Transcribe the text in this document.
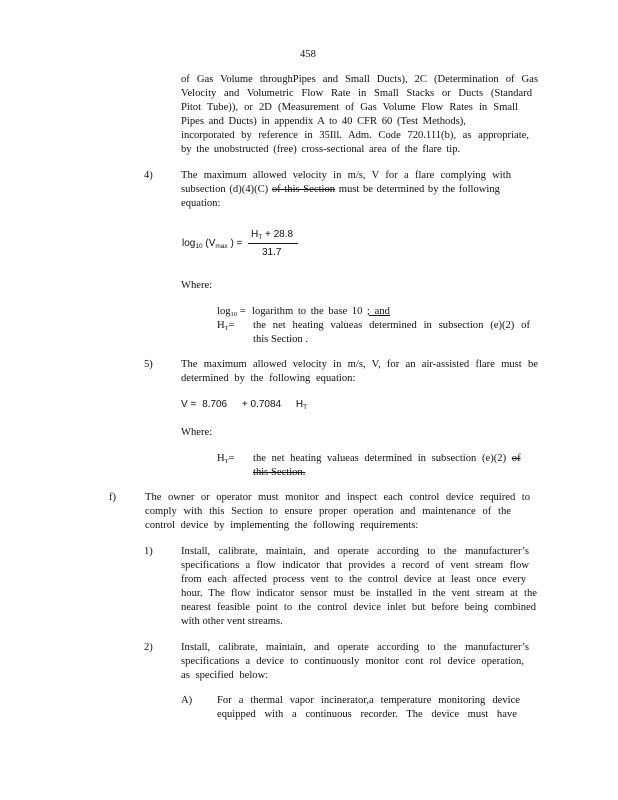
458
of Gas Volume throughPipes and Small Ducts), 2C (Determination of Gas
Velocity and Volumetric Flow Rate in Small Stacks or Ducts (Standard
Pitot Tube)), or 2D (Measurement of Gas Volume Flow Rates in Small
Pipes and Ducts) in appendix A to 40 CFR 60 (Test Methods),
incorporated by reference in 35Ill. Adm. Code 720.111(b), as appropriate,
by the unobstructed (free) cross-sectional area of the flare tip.
4)	The maximum allowed velocity in m/s, V for a flare complying with
subsection (d)(4)(C) of this Section must be determined by the following
equation:
$\log_{10} (V_{max}$ ) =
$H_T + 28.8$
31.7
Where:
$\log_{10}$ = logarithm to the base 10 ; and
$H_T=$ the net heating valueas determined in subsection (e)(2) of
this Section .
5)	The maximum allowed velocity in m/s, V, for an air-assisted flare must be
determined by the following equation:
V = 8.706 + 0.7084 $H_T$
Where:
$H_T=$ the net heating valueas determined in subsection (e)(2) of
this Section.
f)	The owner or operator must monitor and inspect each control device required to
comply with this Section to ensure proper operation and maintenance of the
control device by implementing the following requirements:
1)	Install, calibrate, maintain, and operate according to the manufacturer’s
specifications a flow indicator that provides a record of vent stream flow
from each affected process vent to the control device at least once every
hour. The flow indicator sensor must be installed in the vent stream at the
nearest feasible point to the control device inlet but before being combined
with other vent streams.
2)	Install, calibrate, maintain, and operate according to the manufacturer’s
specifications a device to continuously monitor cont rol device operation,
as specified below:
A) For a thermal vapor incinerator,a temperature monitoring device
equipped with a continuous recorder. The device must have
